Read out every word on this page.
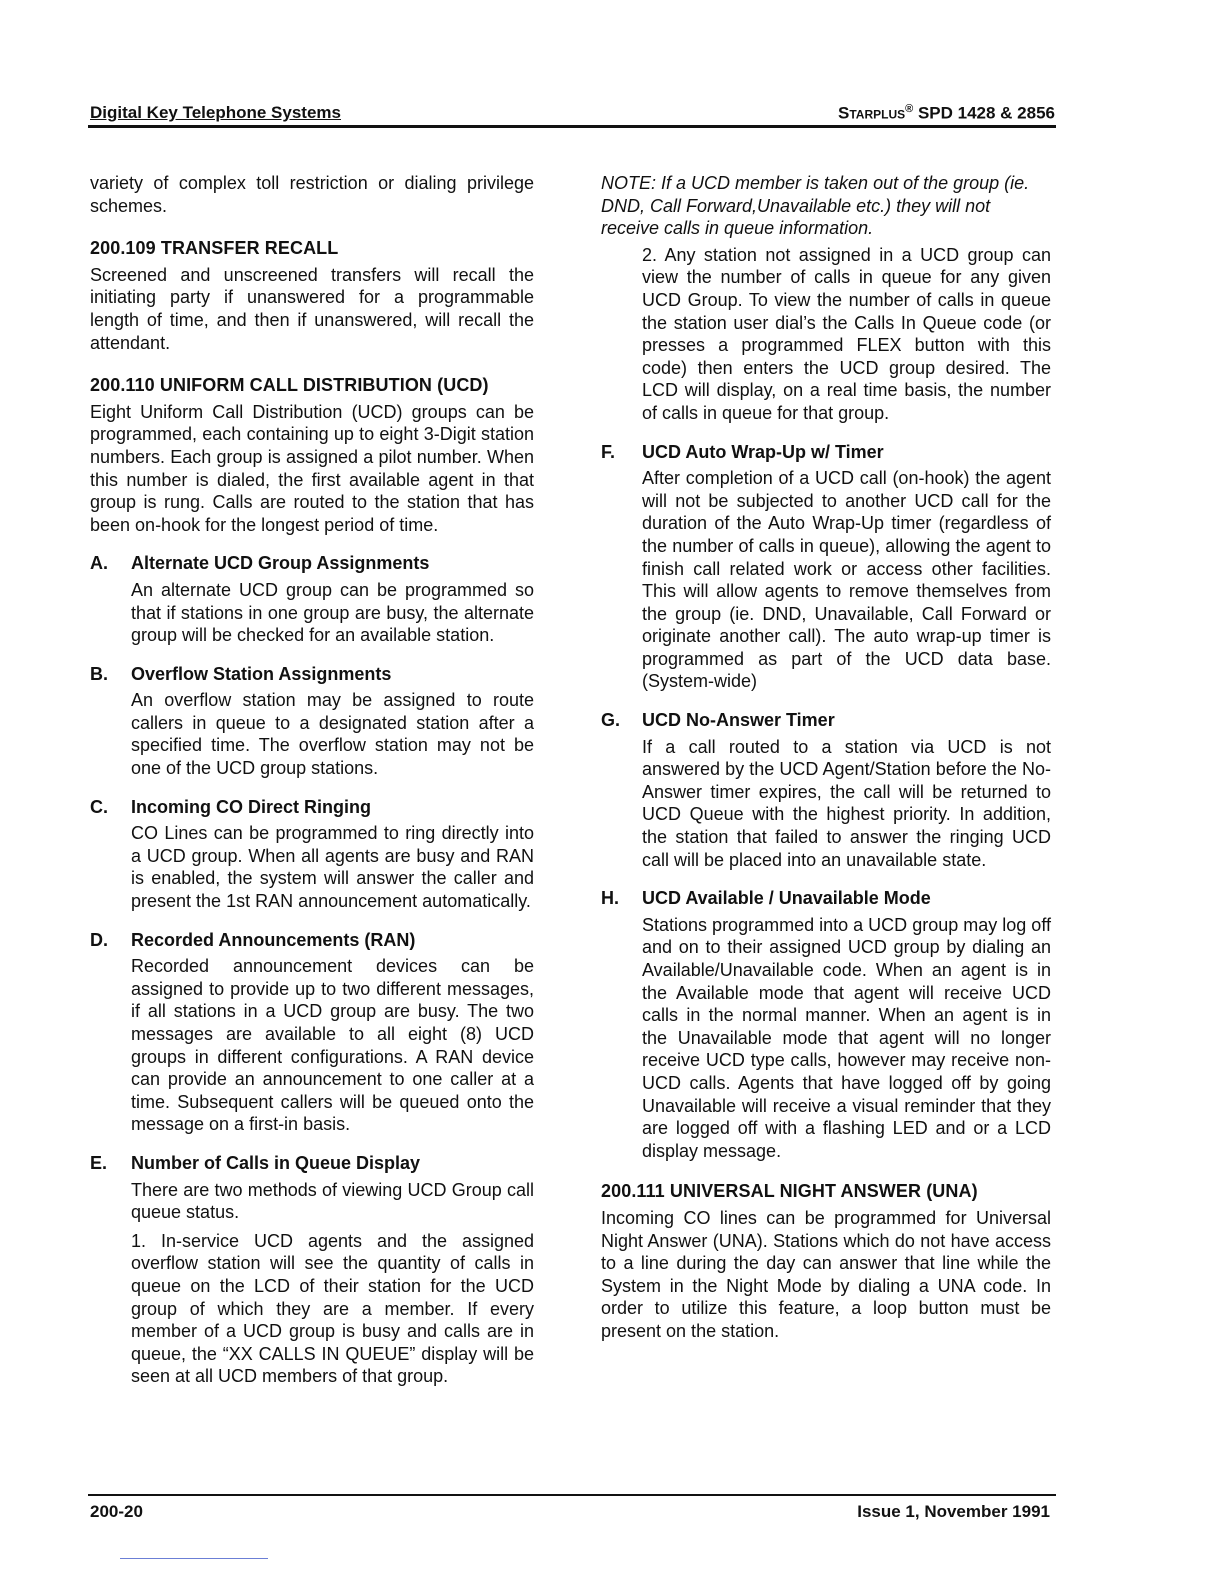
Digital Key Telephone Systems	Starplus® SPD 1428 & 2856

variety of complex toll restriction or dialing privilege schemes.

200.109 TRANSFER RECALL

Screened and unscreened transfers will recall the initiating party if unanswered for a programmable length of time, and then if unanswered, will recall the attendant.

200.110 UNIFORM CALL DISTRIBUTION (UCD)

Eight Uniform Call Distribution (UCD) groups can be programmed, each containing up to eight 3-Digit station numbers. Each group is assigned a pilot number. When this number is dialed, the first available agent in that group is rung. Calls are routed to the station that has been on-hook for the longest period of time.

A. Alternate UCD Group Assignments

An alternate UCD group can be programmed so that if stations in one group are busy, the alternate group will be checked for an available station.

B. Overflow Station Assignments

An overflow station may be assigned to route callers in queue to a designated station after a specified time. The overflow station may not be one of the UCD group stations.

C. Incoming CO Direct Ringing

CO Lines can be programmed to ring directly into a UCD group. When all agents are busy and RAN is enabled, the system will answer the caller and present the 1st RAN announcement automatically.

D. Recorded Announcements (RAN)

Recorded announcement devices can be assigned to provide up to two different messages, if all stations in a UCD group are busy. The two messages are available to all eight (8) UCD groups in different configurations. A RAN device can provide an announcement to one caller at a time. Subsequent callers will be queued onto the message on a first-in basis.

E. Number of Calls in Queue Display

There are two methods of viewing UCD Group call queue status.

1. In-service UCD agents and the assigned overflow station will see the quantity of calls in queue on the LCD of their station for the UCD group of which they are a member. If every member of a UCD group is busy and calls are in queue, the “XX CALLS IN QUEUE” display will be seen at all UCD members of that group.

NOTE: If a UCD member is taken out of the group (ie. DND, Call Forward,Unavailable etc.) they will not receive calls in queue information.

2. Any station not assigned in a UCD group can view the number of calls in queue for any given UCD Group. To view the number of calls in queue the station user dial’s the Calls In Queue code (or presses a programmed FLEX button with this code) then enters the UCD group desired. The LCD will display, on a real time basis, the number of calls in queue for that group.

F. UCD Auto Wrap-Up w/ Timer

After completion of a UCD call (on-hook) the agent will not be subjected to another UCD call for the duration of the Auto Wrap-Up timer (regardless of the number of calls in queue), allowing the agent to finish call related work or access other facilities. This will allow agents to remove themselves from the group (ie. DND, Unavailable, Call Forward or originate another call). The auto wrap-up timer is programmed as part of the UCD data base. (System-wide)

G. UCD No-Answer Timer

If a call routed to a station via UCD is not answered by the UCD Agent/Station before the No-Answer timer expires, the call will be returned to UCD Queue with the highest priority. In addition, the station that failed to answer the ringing UCD call will be placed into an unavailable state.

H. UCD Available / Unavailable Mode

Stations programmed into a UCD group may log off and on to their assigned UCD group by dialing an Available/Unavailable code. When an agent is in the Available mode that agent will receive UCD calls in the normal manner. When an agent is in the Unavailable mode that agent will no longer receive UCD type calls, however may receive non-UCD calls. Agents that have logged off by going Unavailable will receive a visual reminder that they are logged off with a flashing LED and or a LCD display message.

200.111 UNIVERSAL NIGHT ANSWER (UNA)

Incoming CO lines can be programmed for Universal Night Answer (UNA). Stations which do not have access to a line during the day can answer that line while the System in the Night Mode by dialing a UNA code. In order to utilize this feature, a loop button must be present on the station.

200-20	Issue 1, November 1991
